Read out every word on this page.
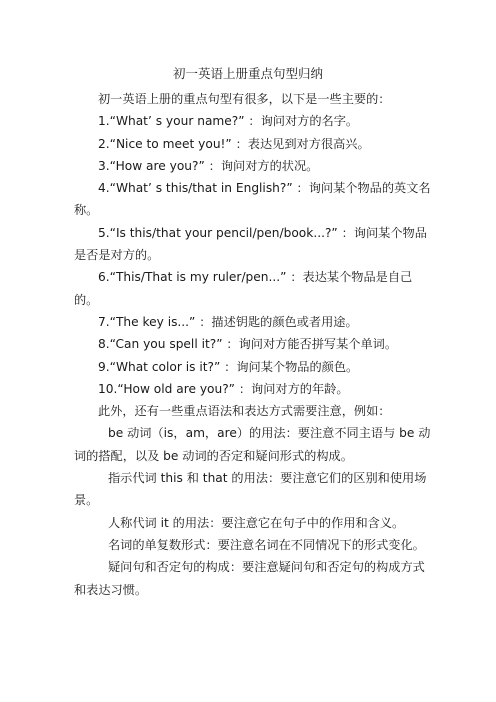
初一英语上册重点句型归纳

初一英语上册的重点句型有很多，以下是一些主要的：

1.“What’ s your name?” ：询问对方的名字。

2.“Nice to meet you!” ：表达见到对方很高兴。

3.“How are you?” ：询问对方的状况。

4.“What’ s this/that in English?” ：询问某个物品的英文名称。

5.“Is this/that your pencil/pen/book...?” ：询问某个物品是否是对方的。

6.“This/That is my ruler/pen...” ：表达某个物品是自己的。

7.“The key is...” ：描述钥匙的颜色或者用途。

8.“Can you spell it?” ：询问对方能否拼写某个单词。

9.“What color is it?” ：询问某个物品的颜色。

10.“How old are you?” ：询问对方的年龄。

此外，还有一些重点语法和表达方式需要注意，例如：

be 动词（is，am，are）的用法：要注意不同主语与 be 动词的搭配，以及 be 动词的否定和疑问形式的构成。

指示代词 this 和 that 的用法：要注意它们的区别和使用场景。

人称代词 it 的用法：要注意它在句子中的作用和含义。

名词的单复数形式：要注意名词在不同情况下的形式变化。

疑问句和否定句的构成：要注意疑问句和否定句的构成方式和表达习惯。
